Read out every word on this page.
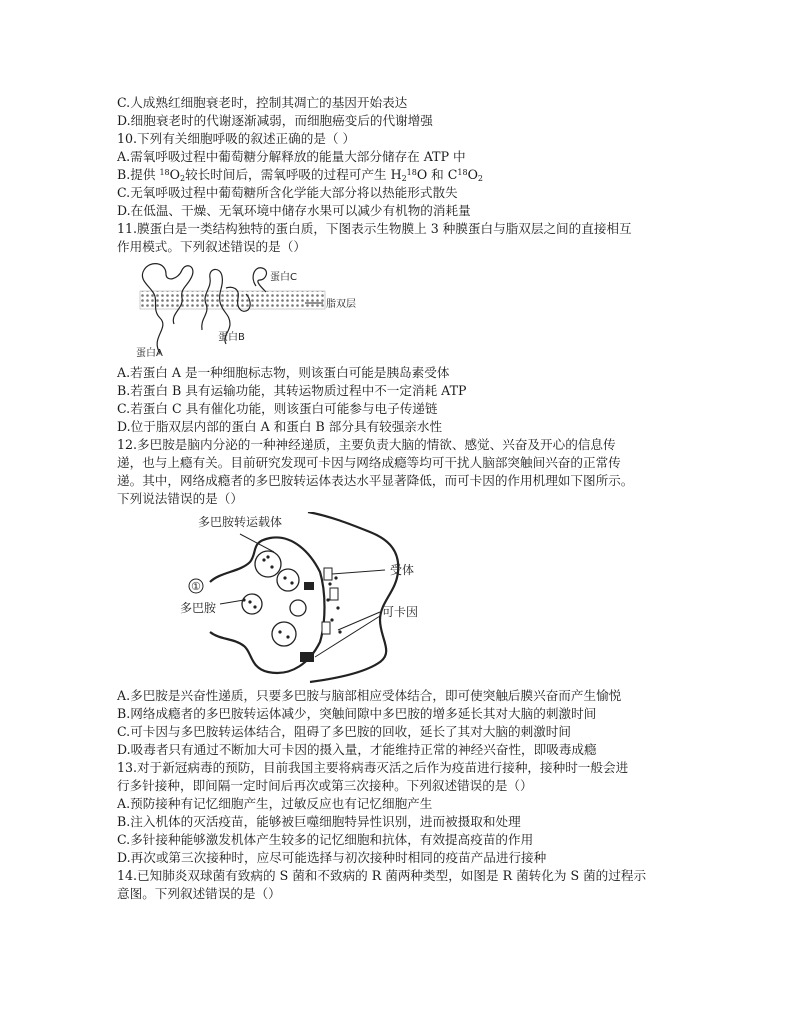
C.人成熟红细胞衰老时，控制其凋亡的基因开始表达
D.细胞衰老时的代谢逐渐减弱，而细胞癌变后的代谢增强
10.下列有关细胞呼吸的叙述正确的是（ ）
A.需氧呼吸过程中葡萄糖分解释放的能量大部分储存在 ATP 中
B.提供 $^{18}O_2$较长时间后，需氧呼吸的过程可产生 $H_2^{18}O$ 和 $C^{18}O_2$
C.无氧呼吸过程中葡萄糖所含化学能大部分将以热能形式散失
D.在低温、干燥、无氧环境中储存水果可以减少有机物的消耗量
11.膜蛋白是一类结构独特的蛋白质，下图表示生物膜上 3 种膜蛋白与脂双层之间的直接相互
作用模式。下列叙述错误的是（）
蛋白A
蛋白B
蛋白C
脂双层
A.若蛋白 A 是一种细胞标志物，则该蛋白可能是胰岛素受体
B.若蛋白 B 具有运输功能，其转运物质过程中不一定消耗 ATP
C.若蛋白 C 具有催化功能，则该蛋白可能参与电子传递链
D.位于脂双层内部的蛋白 A 和蛋白 B 部分具有较强亲水性
12.多巴胺是脑内分泌的一种神经递质，主要负责大脑的情欲、感觉、兴奋及开心的信息传
递，也与上瘾有关。目前研究发现可卡因与网络成瘾等均可干扰人脑部突触间兴奋的正常传
递。其中，网络成瘾者的多巴胺转运体表达水平显著降低，而可卡因的作用机理如下图所示。
下列说法错误的是（）
①
多巴胺转运载体
多巴胺
受体
可卡因
A.多巴胺是兴奋性递质，只要多巴胺与脑部相应受体结合，即可使突触后膜兴奋而产生愉悦
B.网络成瘾者的多巴胺转运体减少，突触间隙中多巴胺的增多延长其对大脑的刺激时间
C.可卡因与多巴胺转运体结合，阻碍了多巴胺的回收，延长了其对大脑的刺激时间
D.吸毒者只有通过不断加大可卡因的摄入量，才能维持正常的神经兴奋性，即吸毒成瘾
13.对于新冠病毒的预防，目前我国主要将病毒灭活之后作为疫苗进行接种，接种时一般会进
行多针接种，即间隔一定时间后再次或第三次接种。下列叙述错误的是（）
A.预防接种有记忆细胞产生，过敏反应也有记忆细胞产生
B.注入机体的灭活疫苗，能够被巨噬细胞特异性识别，进而被摄取和处理
C.多针接种能够激发机体产生较多的记忆细胞和抗体，有效提高疫苗的作用
D.再次或第三次接种时，应尽可能选择与初次接种时相同的疫苗产品进行接种
14.已知肺炎双球菌有致病的 S 菌和不致病的 R 菌两种类型，如图是 R 菌转化为 S 菌的过程示
意图。下列叙述错误的是（）
